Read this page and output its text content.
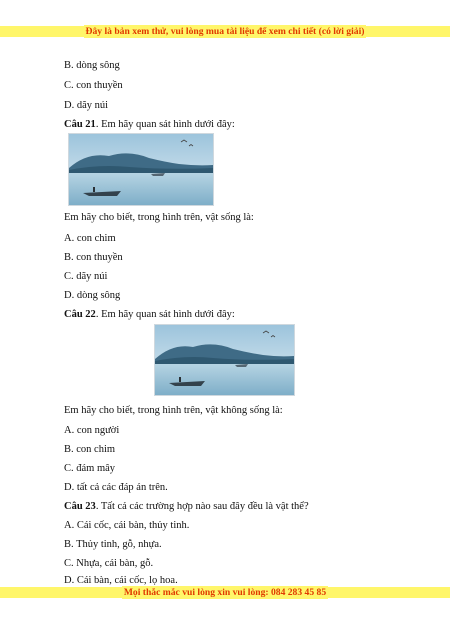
Đây là bản xem thử, vui lòng mua tài liệu để xem chi tiết (có lời giải)
B. dòng sông
C. con thuyền
D. dãy núi
Câu 21. Em hãy quan sát hình dưới đây:
Em hãy cho biết, trong hình trên, vật sống là:
A. con chim
B. con thuyền
C. dãy núi
D. dòng sông
Câu 22. Em hãy quan sát hình dưới đây:
Em hãy cho biết, trong hình trên, vật không sống là:
A. con người
B. con chim
C. đám mây
D. tất cả các đáp án trên.
Câu 23. Tất cả các trường hợp nào sau đây đều là vật thể?
A. Cái cốc, cái bàn, thủy tinh.
B. Thủy tinh, gỗ, nhựa.
C. Nhựa, cái bàn, gỗ.
D. Cái bàn, cái cốc, lọ hoa.
Mọi thắc mắc vui lòng xin vui lòng: 084 283 45 85
